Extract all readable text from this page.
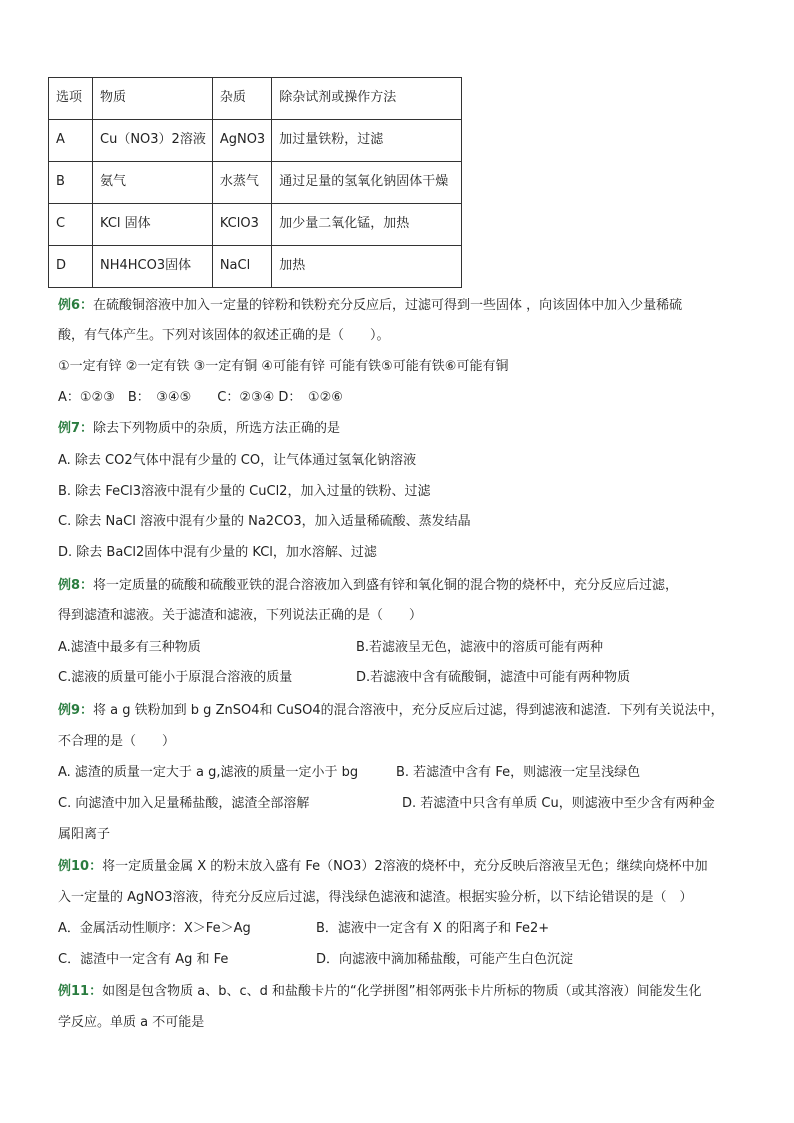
选项	物质	杂质	除杂试剂或操作方法
A	Cu（NO3）2溶液	AgNO3	加过量铁粉，过滤
B	氨气	水蒸气	通过足量的氢氧化钠固体干燥
C	KCl 固体	KClO3	加少量二氧化锰，加热
D	NH4HCO3固体	NaCl	加热
例6：在硫酸铜溶液中加入一定量的锌粉和铁粉充分反应后，过滤可得到一些固体 ，向该固体中加入少量稀硫
酸，有气体产生。下列对该固体的叙述正确的是（　　）。
①一定有锌 ②一定有铁 ③一定有铜 ④可能有锌 可能有铁⑤可能有铁⑥可能有铜
A：①②③　B：　③④⑤　　C：②③④ D：　①②⑥
例7：除去下列物质中的杂质，所选方法正确的是
A. 除去 CO2气体中混有少量的 CO，让气体通过氢氧化钠溶液
B. 除去 FeCl3溶液中混有少量的 CuCl2，加入过量的铁粉、过滤
C. 除去 NaCl 溶液中混有少量的 Na2CO3，加入适量稀硫酸、蒸发结晶
D. 除去 BaCl2固体中混有少量的 KCl，加水溶解、过滤
例8：将一定质量的硫酸和硫酸亚铁的混合溶液加入到盛有锌和氧化铜的混合物的烧杯中，充分反应后过滤，
得到滤渣和滤液。关于滤渣和滤液，下列说法正确的是（　　）
A.滤渣中最多有三种物质	B.若滤液呈无色，滤液中的溶质可能有两种
C.滤液的质量可能小于原混合溶液的质量	D.若滤液中含有硫酸铜，滤渣中可能有两种物质
例9：将 a g 铁粉加到 b g ZnSO4和 CuSO4的混合溶液中，充分反应后过滤，得到滤液和滤渣．下列有关说法中，
不合理的是（　　）
A. 滤渣的质量一定大于 a g,滤液的质量一定小于 bg	B. 若滤渣中含有 Fe，则滤液一定呈浅绿色
C. 向滤渣中加入足量稀盐酸，滤渣全部溶解	D. 若滤渣中只含有单质 Cu，则滤液中至少含有两种金
属阳离子
例10：将一定质量金属 X 的粉末放入盛有 Fe（NO3）2溶液的烧杯中，充分反映后溶液呈无色；继续向烧杯中加
入一定量的 AgNO3溶液，待充分反应后过滤，得浅绿色滤液和滤渣。根据实验分析，以下结论错误的是（　）
A．金属活动性顺序：X＞Fe＞Ag	B．滤液中一定含有 X 的阳离子和 Fe2+
C．滤渣中一定含有 Ag 和 Fe	D．向滤液中滴加稀盐酸，可能产生白色沉淀
例11：如图是包含物质 a、b、c、d 和盐酸卡片的“化学拼图”相邻两张卡片所标的物质（或其溶液）间能发生化
学反应。单质 a 不可能是
